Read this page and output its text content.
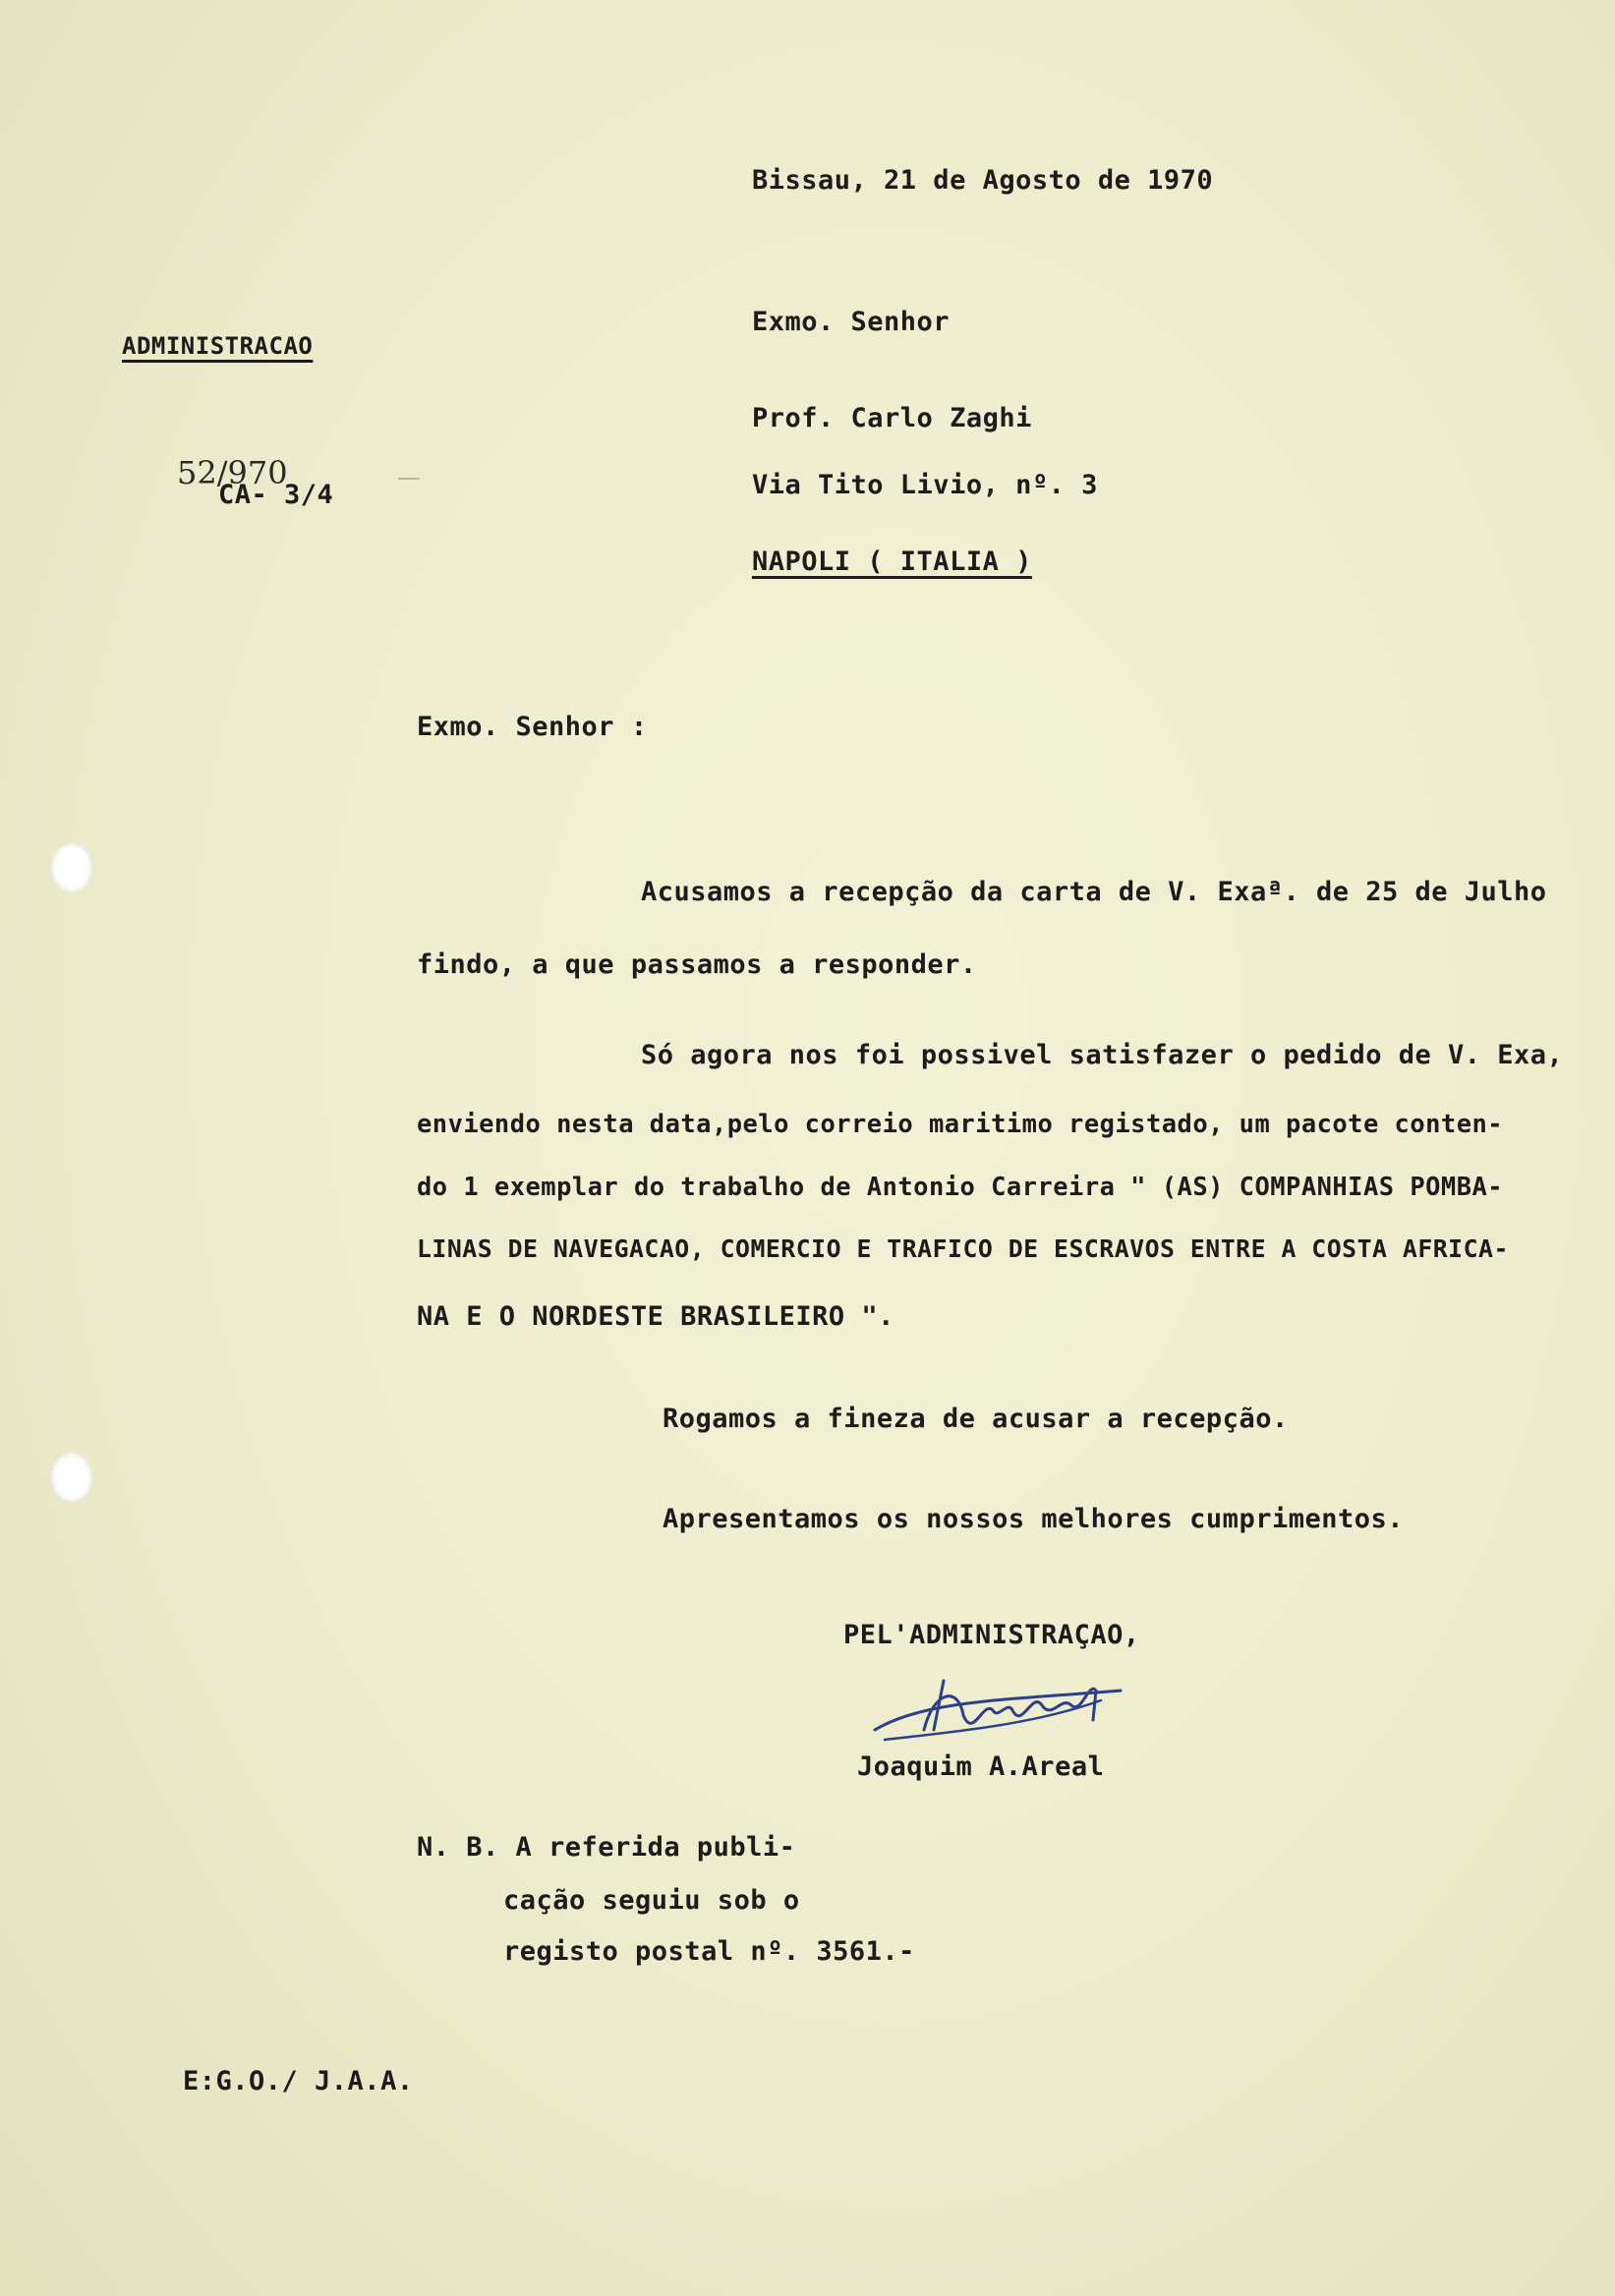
Bissau, 21 de Agosto de 1970

ADMINISTRACAO

52/970

CA- 3/4

Exmo. Senhor

Prof. Carlo Zaghi

Via Tito Livio, nº. 3

NAPOLI ( ITALIA )

Exmo. Senhor :

Acusamos a recepção da carta de V. Exaª. de 25 de Julho

findo, a que passamos a responder.

Só agora nos foi possivel satisfazer o pedido de V. Exa,

enviendo nesta data,pelo correio maritimo registado, um pacote conten-

do 1 exemplar do trabalho de Antonio Carreira " (AS) COMPANHIAS POMBA-

LINAS DE NAVEGACAO, COMERCIO E TRAFICO DE ESCRAVOS ENTRE A COSTA AFRICA-

NA E O NORDESTE BRASILEIRO ".

Rogamos a fineza de acusar a recepção.

Apresentamos os nossos melhores cumprimentos.

PEL'ADMINISTRAÇAO,

Joaquim A.Areal

N. B. A referida publi-

cação seguiu sob o

registo postal nº. 3561.-

E:G.O./ J.A.A.
